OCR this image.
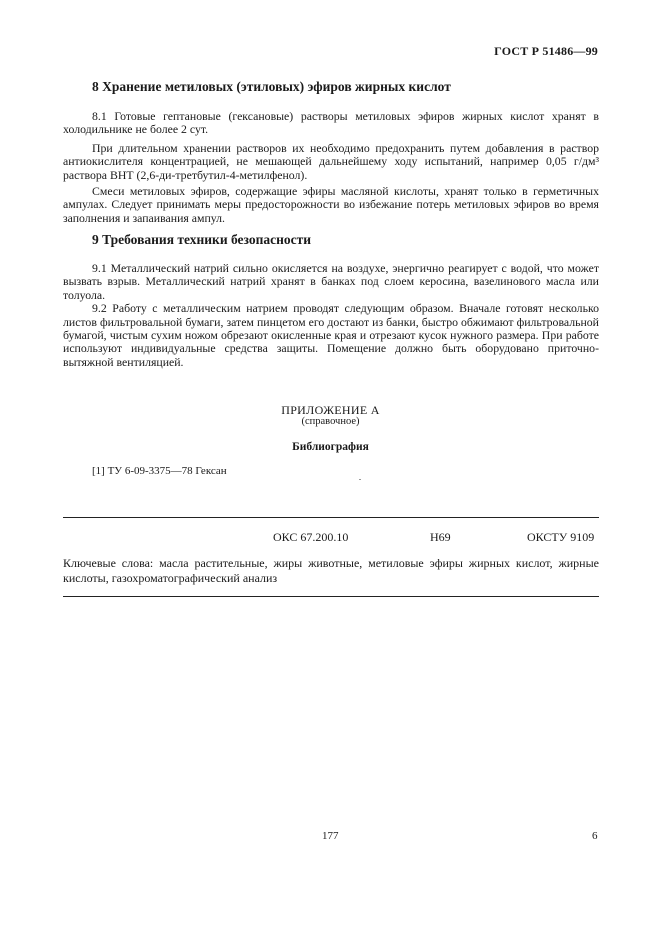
ГОСТ Р 51486—99
8 Хранение метиловых (этиловых) эфиров жирных кислот

8.1 Готовые гептановые (гексановые) растворы метиловых эфиров жирных кислот хранят в холодильнике не более 2 сут.

При длительном хранении растворов их необходимо предохранить путем добавления в раствор антиокислителя концентрацией, не мешающей дальнейшему ходу испытаний, например 0,05 г/дм³ раствора ВНТ (2,6-ди-третбутил-4-метилфенол).

Смеси метиловых эфиров, содержащие эфиры масляной кислоты, хранят только в герметичных ампулах. Следует принимать меры предосторожности во избежание потерь метиловых эфиров во время заполнения и запаивания ампул.

9 Требования техники безопасности

9.1 Металлический натрий сильно окисляется на воздухе, энергично реагирует с водой, что может вызвать взрыв. Металлический натрий хранят в банках под слоем керосина, вазелинового масла или толуола.

9.2 Работу с металлическим натрием проводят следующим образом. Вначале готовят несколько листов фильтровальной бумаги, затем пинцетом его достают из банки, быстро обжимают фильтровальной бумагой, чистым сухим ножом обрезают окисленные края и отрезают кусок нужного размера. При работе используют индивидуальные средства защиты. Помещение должно быть оборудовано приточно-вытяжной вентиляцией.

ПРИЛОЖЕНИЕ А
(справочное)
Библиография
[1] ТУ 6-09-3375—78 Гексан
ОКС 67.200.10	Н69	ОКСТУ 9109
Ключевые слова: масла растительные, жиры животные, метиловые эфиры жирных кислот, жирные кислоты, газохроматографический анализ
177	6
